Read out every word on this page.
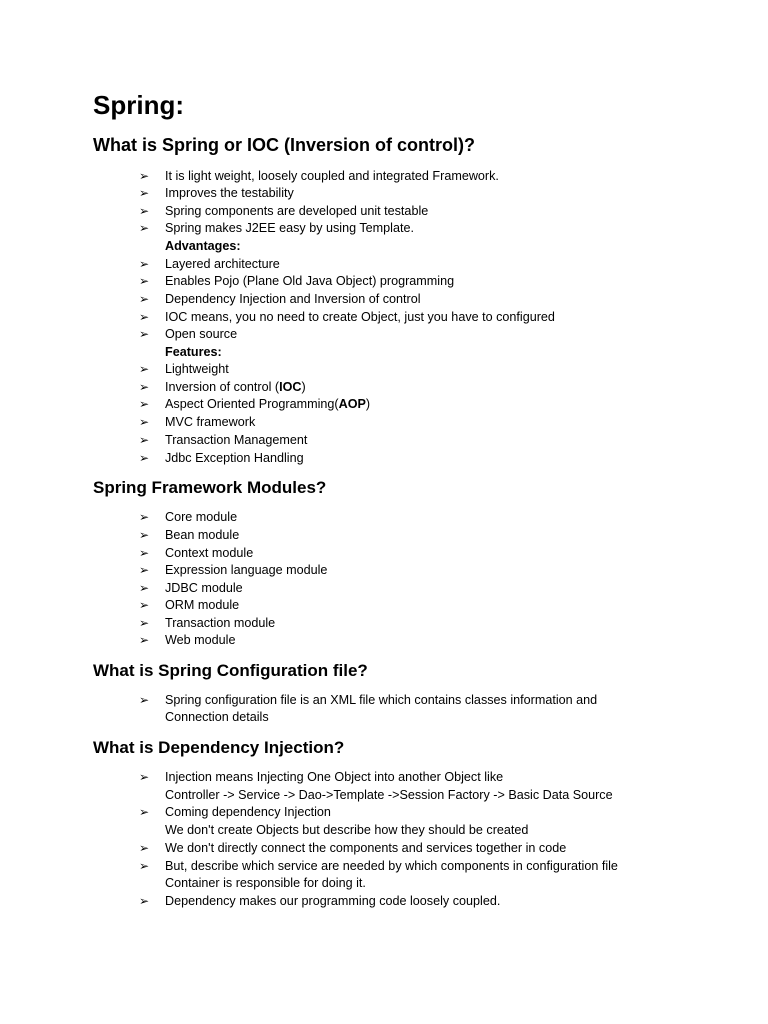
Spring:
What is Spring or IOC (Inversion of control)?
➢ It is light weight, loosely coupled and integrated Framework.
➢ Improves the testability
➢ Spring components are developed unit testable
➢ Spring makes J2EE easy by using Template.
Advantages:
➢ Layered architecture
➢ Enables Pojo (Plane Old Java Object) programming
➢ Dependency Injection and Inversion of control
➢ IOC means, you no need to create Object, just you have to configured
➢ Open source
Features:
➢ Lightweight
➢ Inversion of control (IOC)
➢ Aspect Oriented Programming(AOP)
➢ MVC framework
➢ Transaction Management
➢ Jdbc Exception Handling
Spring Framework Modules?
➢ Core module
➢ Bean module
➢ Context module
➢ Expression language module
➢ JDBC module
➢ ORM module
➢ Transaction module
➢ Web module
What is Spring Configuration file?
➢ Spring configuration file is an XML file which contains classes information and
Connection details
What is Dependency Injection?
➢ Injection means Injecting One Object into another Object like
Controller -> Service -> Dao->Template ->Session Factory -> Basic Data Source
➢ Coming dependency Injection
We don't create Objects but describe how they should be created
➢ We don't directly connect the components and services together in code
➢ But, describe which service are needed by which components in configuration file
Container is responsible for doing it.
➢ Dependency makes our programming code loosely coupled.
